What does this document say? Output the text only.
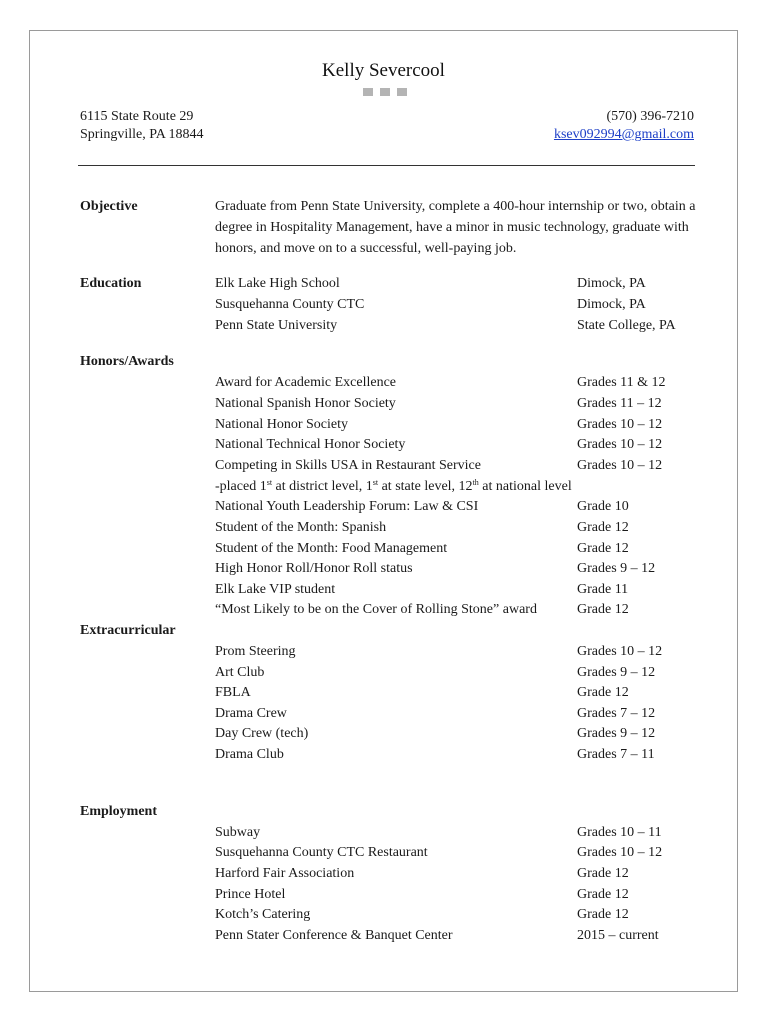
Kelly Severcool
6115 State Route 29
Springville, PA 18844
(570) 396-7210
ksev092994@gmail.com
Objective	Graduate from Penn State University, complete a 400-hour internship or two, obtain a degree in Hospitality Management, have a minor in music technology, graduate with honors, and move on to a successful, well-paying job.
Education	Elk Lake High School	Dimock, PA
Susquehanna County CTC	Dimock, PA
Penn State University	State College, PA
Honors/Awards
Award for Academic Excellence	Grades 11 & 12
National Spanish Honor Society	Grades 11 – 12
National Honor Society	Grades 10 – 12
National Technical Honor Society	Grades 10 – 12
Competing in Skills USA in Restaurant Service	Grades 10 – 12
-placed 1st at district level, 1st at state level, 12th at national level
National Youth Leadership Forum: Law & CSI	Grade 10
Student of the Month: Spanish	Grade 12
Student of the Month: Food Management	Grade 12
High Honor Roll/Honor Roll status	Grades 9 – 12
Elk Lake VIP student	Grade 11
“Most Likely to be on the Cover of Rolling Stone” award	Grade 12
Extracurricular
Prom Steering	Grades 10 – 12
Art Club	Grades 9 – 12
FBLA	Grade 12
Drama Crew	Grades 7 – 12
Day Crew (tech)	Grades 9 – 12
Drama Club	Grades 7 – 11
Employment
Subway	Grades 10 – 11
Susquehanna County CTC Restaurant	Grades 10 – 12
Harford Fair Association	Grade 12
Prince Hotel	Grade 12
Kotch’s Catering	Grade 12
Penn Stater Conference & Banquet Center	2015 – current
